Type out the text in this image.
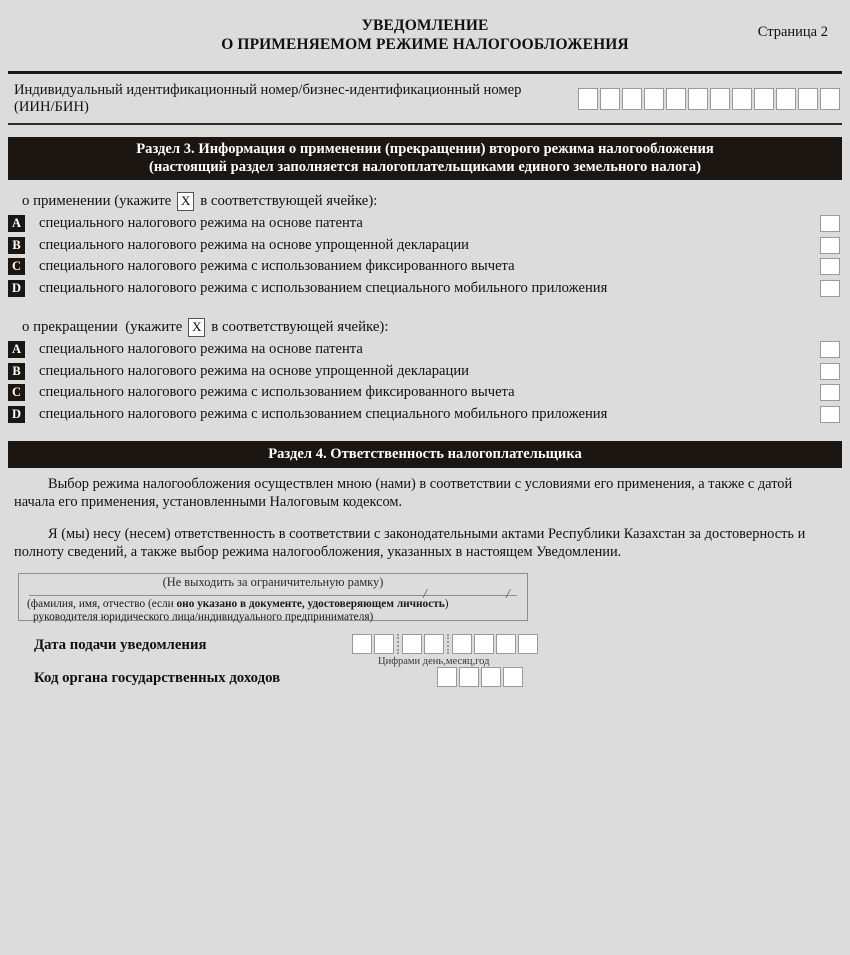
УВЕДОМЛЕНИЕ
О ПРИМЕНЯЕМОМ РЕЖИМЕ НАЛОГООБЛОЖЕНИЯ
Страница 2
Индивидуальный идентификационный номер/бизнес-идентификационный номер
(ИИН/БИН)
Раздел 3. Информация о применении (прекращении) второго режима налогообложения
(настоящий раздел заполняется налогоплательщиками единого земельного налога)
о применении (укажите X в соответствующей ячейке):
A	специального налогового режима на основе патента
B	специального налогового режима на основе упрощенной декларации
C	специального налогового режима с использованием фиксированного вычета
D	специального налогового режима с использованием специального мобильного приложения
о прекращении  (укажите X в соответствующей ячейке):
A	специального налогового режима на основе патента
B	специального налогового режима на основе упрощенной декларации
C	специального налогового режима с использованием фиксированного вычета
D	специального налогового режима с использованием специального мобильного приложения
Раздел 4. Ответственность налогоплательщика

Выбор режима налогообложения осуществлен мною (нами) в соответствии с условиями его применения, а также с датой начала его применения, установленными Налоговым кодексом.

Я (мы) несу (несем) ответственность в соответствии с законодательными актами Республики Казахстан за достоверность и полноту сведений, а также выбор режима налогообложения, указанных в настоящем Уведомлении.

(Не выходить за ограничительную рамку)
/	/
(фамилия, имя, отчество (если оно указано в документе, удостоверяющем личность)
руководителя юридического лица/индивидуального предпринимателя)
Дата подачи уведомления
Цифрами день,месяц,год
Код органа государственных доходов
